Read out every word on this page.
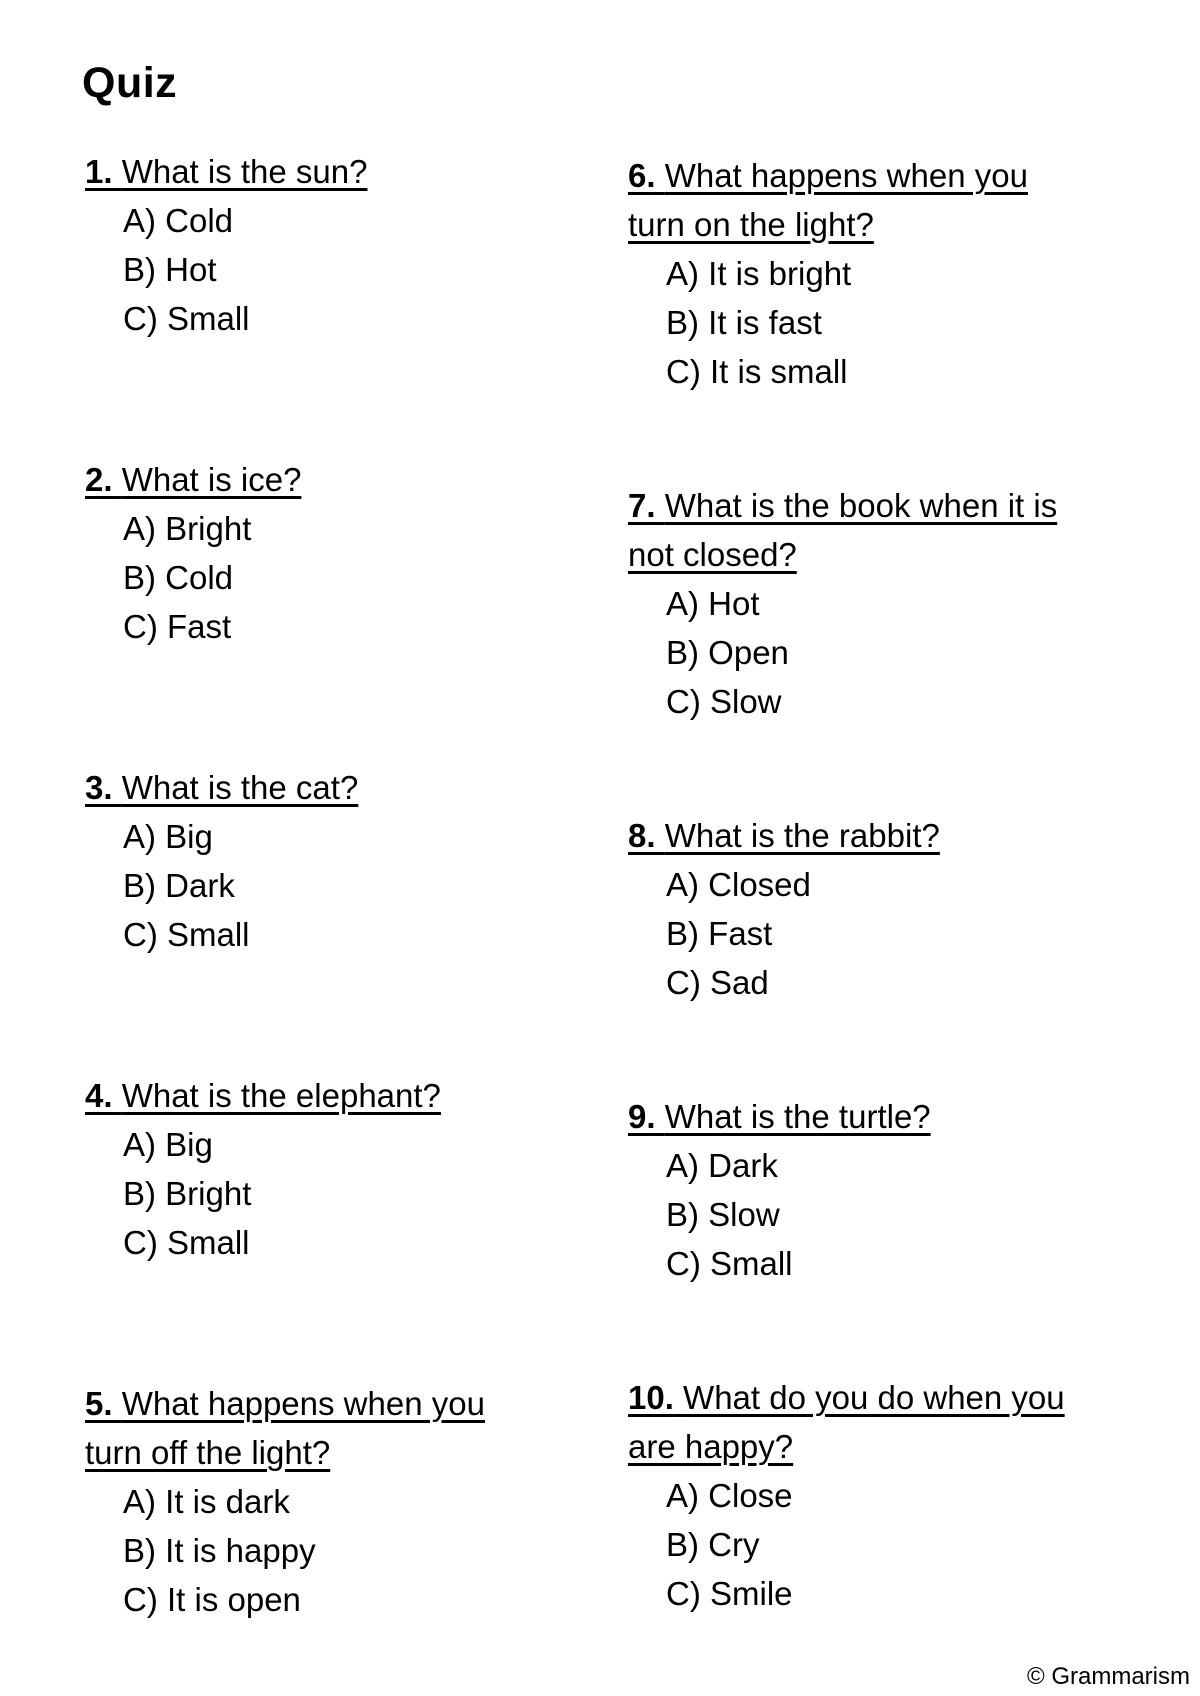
Quiz
1. What is the sun?
A) Cold
B) Hot
C) Small
2. What is ice?
A) Bright
B) Cold
C) Fast
3. What is the cat?
A) Big
B) Dark
C) Small
4. What is the elephant?
A) Big
B) Bright
C) Small
5. What happens when you turn off the light?
A) It is dark
B) It is happy
C) It is open
6. What happens when you turn on the light?
A) It is bright
B) It is fast
C) It is small
7. What is the book when it is not closed?
A) Hot
B) Open
C) Slow
8. What is the rabbit?
A) Closed
B) Fast
C) Sad
9. What is the turtle?
A) Dark
B) Slow
C) Small
10. What do you do when you are happy?
A) Close
B) Cry
C) Smile
© Grammarism
